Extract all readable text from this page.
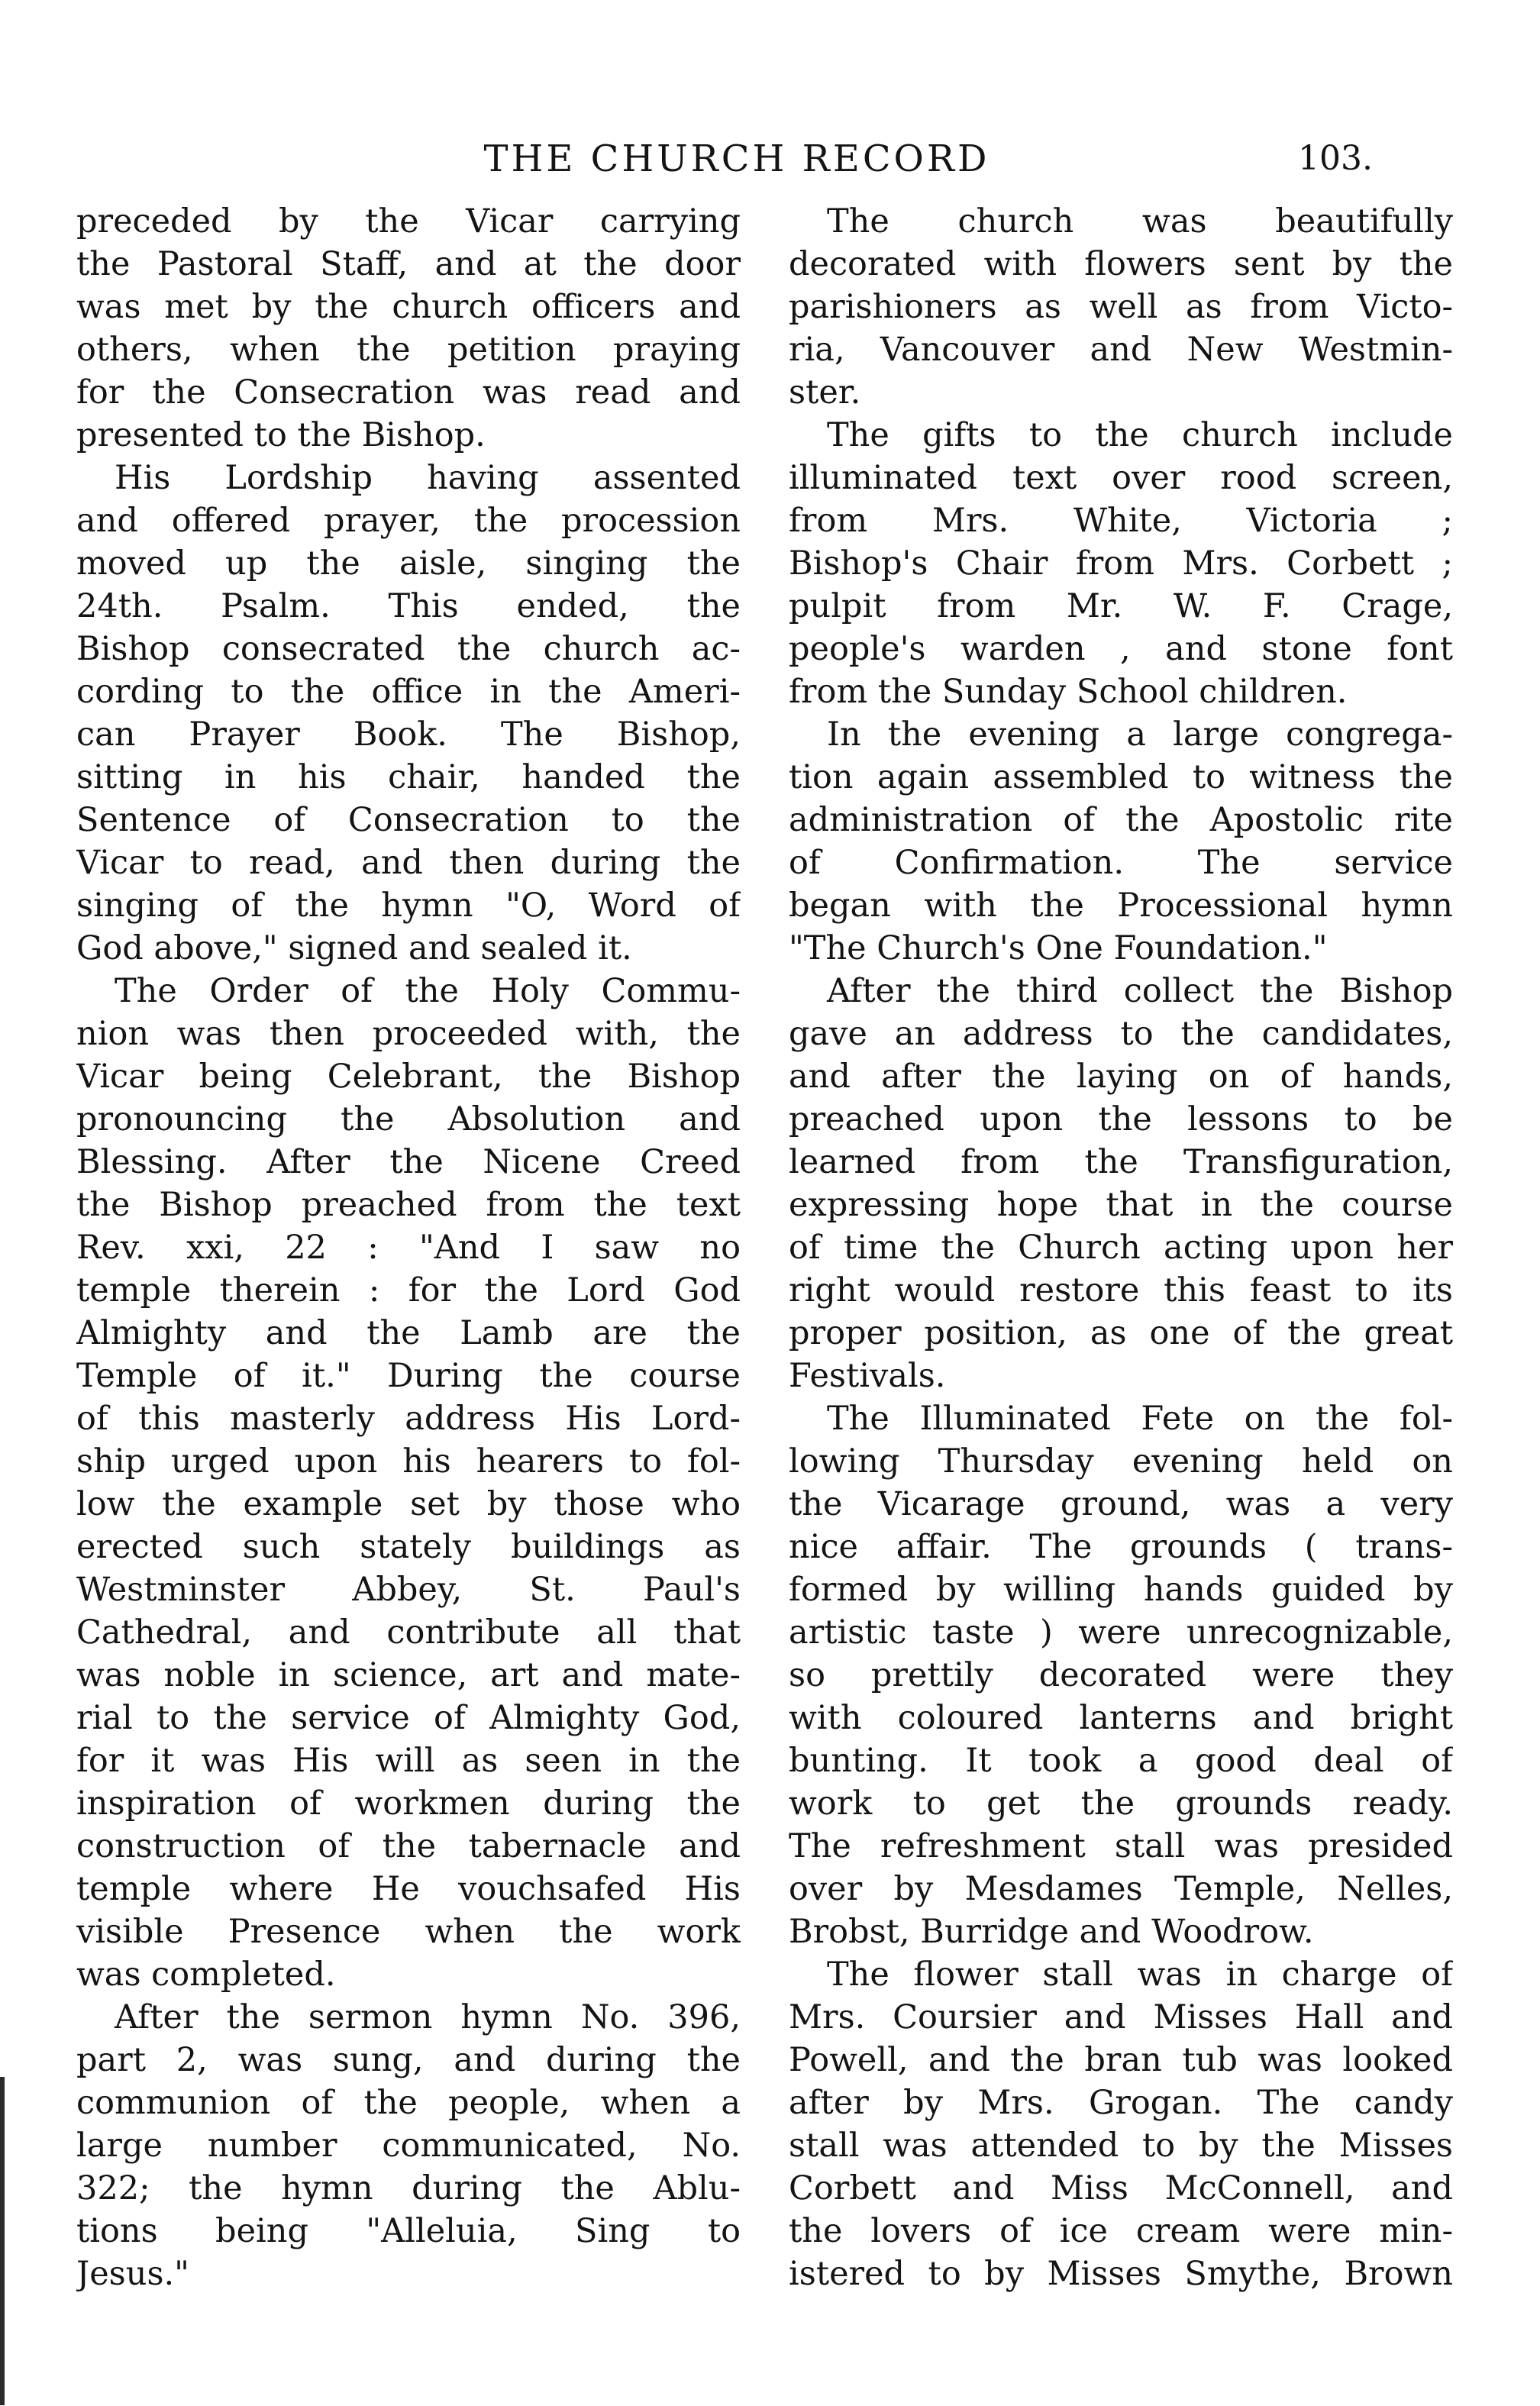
THE CHURCH RECORD	103.
preceded by the Vicar carrying
the Pastoral Staff, and at the door
was met by the church officers and
others, when the petition praying
for the Consecration was read and
presented to the Bishop.
His Lordship having assented
and offered prayer, the procession
moved up the aisle, singing the
24th. Psalm. This ended, the
Bishop consecrated the church ac-
cording to the office in the Ameri-
can Prayer Book. The Bishop,
sitting in his chair, handed the
Sentence of Consecration to the
Vicar to read, and then during the
singing of the hymn "O, Word of
God above," signed and sealed it.
The Order of the Holy Commu-
nion was then proceeded with, the
Vicar being Celebrant, the Bishop
pronouncing the Absolution and
Blessing. After the Nicene Creed
the Bishop preached from the text
Rev. xxi, 22 : "And I saw no
temple therein : for the Lord God
Almighty and the Lamb are the
Temple of it." During the course
of this masterly address His Lord-
ship urged upon his hearers to fol-
low the example set by those who
erected such stately buildings as
Westminster Abbey, St. Paul's
Cathedral, and contribute all that
was noble in science, art and mate-
rial to the service of Almighty God,
for it was His will as seen in the
inspiration of workmen during the
construction of the tabernacle and
temple where He vouchsafed His
visible Presence when the work
was completed.
After the sermon hymn No. 396,
part 2, was sung, and during the
communion of the people, when a
large number communicated, No.
322; the hymn during the Ablu-
tions being "Alleluia, Sing to
Jesus."
The church was beautifully
decorated with flowers sent by the
parishioners as well as from Victo-
ria, Vancouver and New Westmin-
ster.
The gifts to the church include
illuminated text over rood screen,
from Mrs. White, Victoria ;
Bishop's Chair from Mrs. Corbett ;
pulpit from Mr. W. F. Crage,
people's warden , and stone font
from the Sunday School children.
In the evening a large congrega-
tion again assembled to witness the
administration of the Apostolic rite
of Confirmation. The service
began with the Processional hymn
"The Church's One Foundation."
After the third collect the Bishop
gave an address to the candidates,
and after the laying on of hands,
preached upon the lessons to be
learned from the Transfiguration,
expressing hope that in the course
of time the Church acting upon her
right would restore this feast to its
proper position, as one of the great
Festivals.
The Illuminated Fete on the fol-
lowing Thursday evening held on
the Vicarage ground, was a very
nice affair. The grounds ( trans-
formed by willing hands guided by
artistic taste ) were unrecognizable,
so prettily decorated were they
with coloured lanterns and bright
bunting. It took a good deal of
work to get the grounds ready.
The refreshment stall was presided
over by Mesdames Temple, Nelles,
Brobst, Burridge and Woodrow.
The flower stall was in charge of
Mrs. Coursier and Misses Hall and
Powell, and the bran tub was looked
after by Mrs. Grogan. The candy
stall was attended to by the Misses
Corbett and Miss McConnell, and
the lovers of ice cream were min-
istered to by Misses Smythe, Brown
